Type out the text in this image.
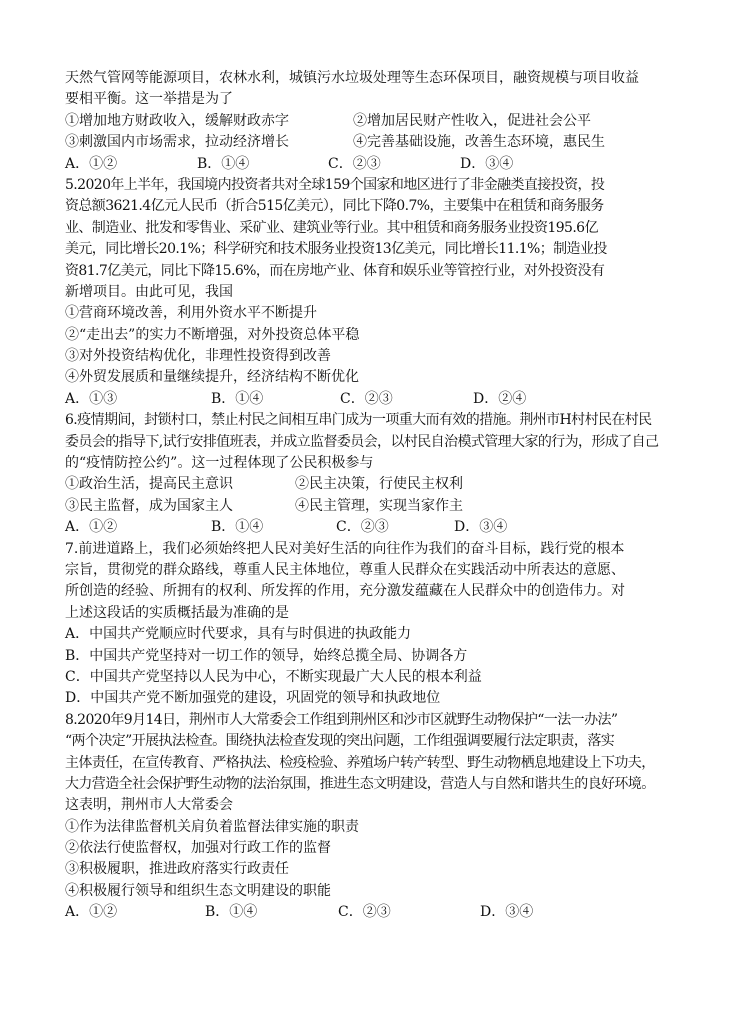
天然气管网等能源项目，农林水利，城镇污水垃圾处理等生态环保项目，融资规模与项目收益
要相平衡。这一举措是为了
①增加地方财政收入，缓解财政赤字	②增加居民财产性收入，促进社会公平
③刺激国内市场需求，拉动经济增长	④完善基础设施，改善生态环境，惠民生
A．①②	B．①④	C．②③	D．③④
5.2020年上半年，我国境内投资者共对全球159个国家和地区进行了非金融类直接投资，投
资总额3621.4亿元人民币（折合515亿美元），同比下降0.7%，主要集中在租赁和商务服务
业、制造业、批发和零售业、采矿业、建筑业等行业。其中租赁和商务服务业投资195.6亿
美元，同比增长20.1%；科学研究和技术服务业投资13亿美元，同比增长11.1%；制造业投
资81.7亿美元，同比下降15.6%，而在房地产业、体育和娱乐业等管控行业，对外投资没有
新增项目。由此可见，我国
①营商环境改善，利用外资水平不断提升
②“走出去”的实力不断增强，对外投资总体平稳
③对外投资结构优化，非理性投资得到改善
④外贸发展质和量继续提升，经济结构不断优化
A．①③	B．①④	C．②③	D．②④
6.疫情期间，封锁村口，禁止村民之间相互串门成为一项重大而有效的措施。荆州市H村村民在村民
委员会的指导下,试行安排值班表，并成立监督委员会，以村民自治模式管理大家的行为，形成了自己
的“疫情防控公约”。这一过程体现了公民积极参与
①政治生活，提高民主意识	②民主决策，行使民主权利
③民主监督，成为国家主人	④民主管理，实现当家作主
A．①②	B．①④	C．②③	D．③④
7.前进道路上，我们必须始终把人民对美好生活的向往作为我们的奋斗目标，践行党的根本
宗旨，贯彻党的群众路线，尊重人民主体地位，尊重人民群众在实践活动中所表达的意愿、
所创造的经验、所拥有的权利、所发挥的作用，充分激发蕴藏在人民群众中的创造伟力。对
上述这段话的实质概括最为准确的是
A．中国共产党顺应时代要求，具有与时俱进的执政能力
B．中国共产党坚持对一切工作的领导，始终总揽全局、协调各方
C．中国共产党坚持以人民为中心，不断实现最广大人民的根本利益
D．中国共产党不断加强党的建设，巩固党的领导和执政地位
8.2020年9月14日，荆州市人大常委会工作组到荆州区和沙市区就野生动物保护“一法一办法”
“两个决定”开展执法检查。围绕执法检查发现的突出问题，工作组强调要履行法定职责，落实
主体责任，在宣传教育、严格执法、检疫检验、养殖场户转产转型、野生动物栖息地建设上下功夫，
大力营造全社会保护野生动物的法治氛围，推进生态文明建设，营造人与自然和谐共生的良好环境。
这表明，荆州市人大常委会
①作为法律监督机关肩负着监督法律实施的职责
②依法行使监督权，加强对行政工作的监督
③积极履职，推进政府落实行政责任
④积极履行领导和组织生态文明建设的职能
A．①②	B．①④	C．②③	D．③④
